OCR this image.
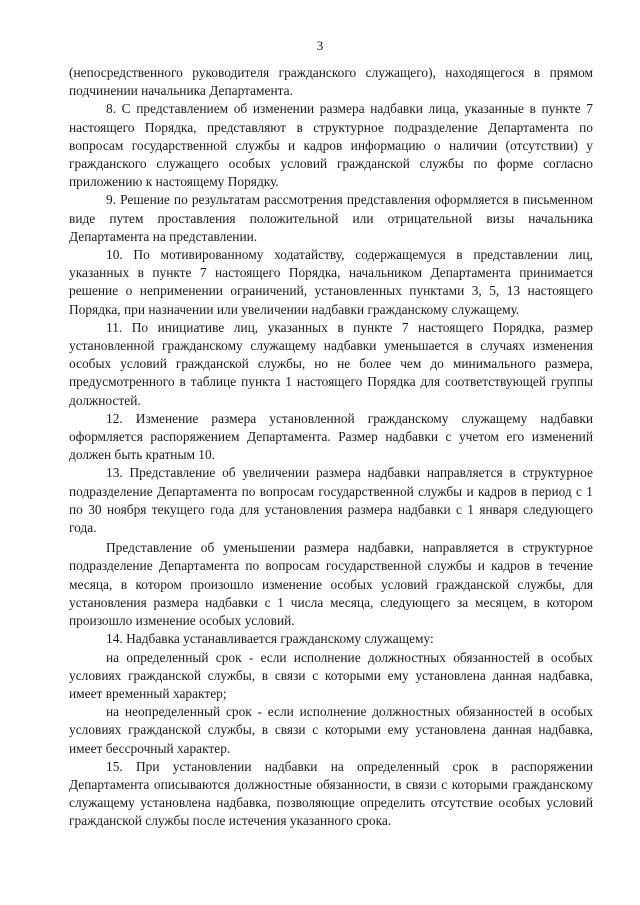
3

(непосредственного руководителя гражданского служащего), находящегося в прямом подчинении начальника Департамента.

8. С представлением об изменении размера надбавки лица, указанные в пункте 7 настоящего Порядка, представляют в структурное подразделение Департамента по вопросам государственной службы и кадров информацию о наличии (отсутствии) у гражданского служащего особых условий гражданской службы по форме согласно приложению к настоящему Порядку.

9. Решение по результатам рассмотрения представления оформляется в письменном виде путем проставления положительной или отрицательной визы начальника Департамента на представлении.

10. По мотивированному ходатайству, содержащемуся в представлении лиц, указанных в пункте 7 настоящего Порядка, начальником Департамента принимается решение о неприменении ограничений, установленных пунктами 3, 5, 13 настоящего Порядка, при назначении или увеличении надбавки гражданскому служащему.

11. По инициативе лиц, указанных в пункте 7 настоящего Порядка, размер установленной гражданскому служащему надбавки уменьшается в случаях изменения особых условий гражданской службы, но не более чем до минимального размера, предусмотренного в таблице пункта 1 настоящего Порядка для соответствующей группы должностей.

12. Изменение размера установленной гражданскому служащему надбавки оформляется распоряжением Департамента. Размер надбавки с учетом его изменений должен быть кратным 10.

13. Представление об увеличении размера надбавки направляется в структурное подразделение Департамента по вопросам государственной службы и кадров в период с 1 по 30 ноября текущего года для установления размера надбавки с 1 января следующего года.

Представление об уменьшении размера надбавки, направляется в структурное подразделение Департамента по вопросам государственной службы и кадров в течение месяца, в котором произошло изменение особых условий гражданской службы, для установления размера надбавки с 1 числа месяца, следующего за месяцем, в котором произошло изменение особых условий.

14. Надбавка устанавливается гражданскому служащему:

на определенный срок - если исполнение должностных обязанностей в особых условиях гражданской службы, в связи с которыми ему установлена данная надбавка, имеет временный характер;

на неопределенный срок - если исполнение должностных обязанностей в особых условиях гражданской службы, в связи с которыми ему установлена данная надбавка, имеет бессрочный характер.

15. При установлении надбавки на определенный срок в распоряжении Департамента описываются должностные обязанности, в связи с которыми гражданскому служащему установлена надбавка, позволяющие определить отсутствие особых условий гражданской службы после истечения указанного срока.
